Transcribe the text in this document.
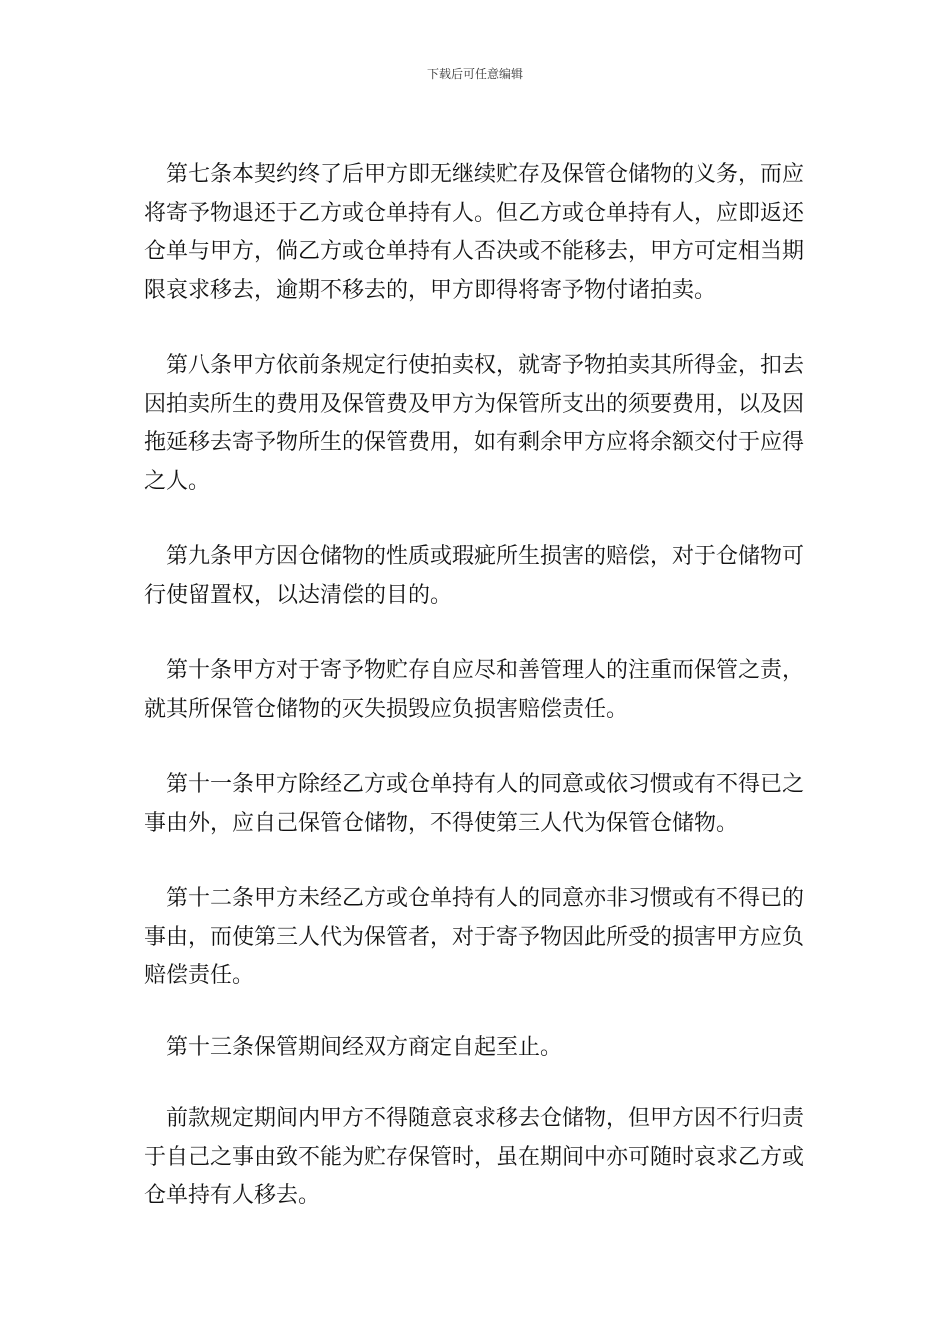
下载后可任意编辑

第七条本契约终了后甲方即无继续贮存及保管仓储物的义务，而应将寄予物退还于乙方或仓单持有人。但乙方或仓单持有人，应即返还仓单与甲方，倘乙方或仓单持有人否决或不能移去，甲方可定相当期限哀求移去，逾期不移去的，甲方即得将寄予物付诸拍卖。

第八条甲方依前条规定行使拍卖权，就寄予物拍卖其所得金，扣去因拍卖所生的费用及保管费及甲方为保管所支出的须要费用，以及因拖延移去寄予物所生的保管费用，如有剩余甲方应将余额交付于应得之人。

第九条甲方因仓储物的性质或瑕疵所生损害的赔偿，对于仓储物可行使留置权，以达清偿的目的。

第十条甲方对于寄予物贮存自应尽和善管理人的注重而保管之责，就其所保管仓储物的灭失损毁应负损害赔偿责任。

第十一条甲方除经乙方或仓单持有人的同意或依习惯或有不得已之事由外，应自己保管仓储物，不得使第三人代为保管仓储物。

第十二条甲方未经乙方或仓单持有人的同意亦非习惯或有不得已的事由，而使第三人代为保管者，对于寄予物因此所受的损害甲方应负赔偿责任。

第十三条保管期间经双方商定自起至止。

前款规定期间内甲方不得随意哀求移去仓储物，但甲方因不行归责于自己之事由致不能为贮存保管时，虽在期间中亦可随时哀求乙方或仓单持有人移去。
